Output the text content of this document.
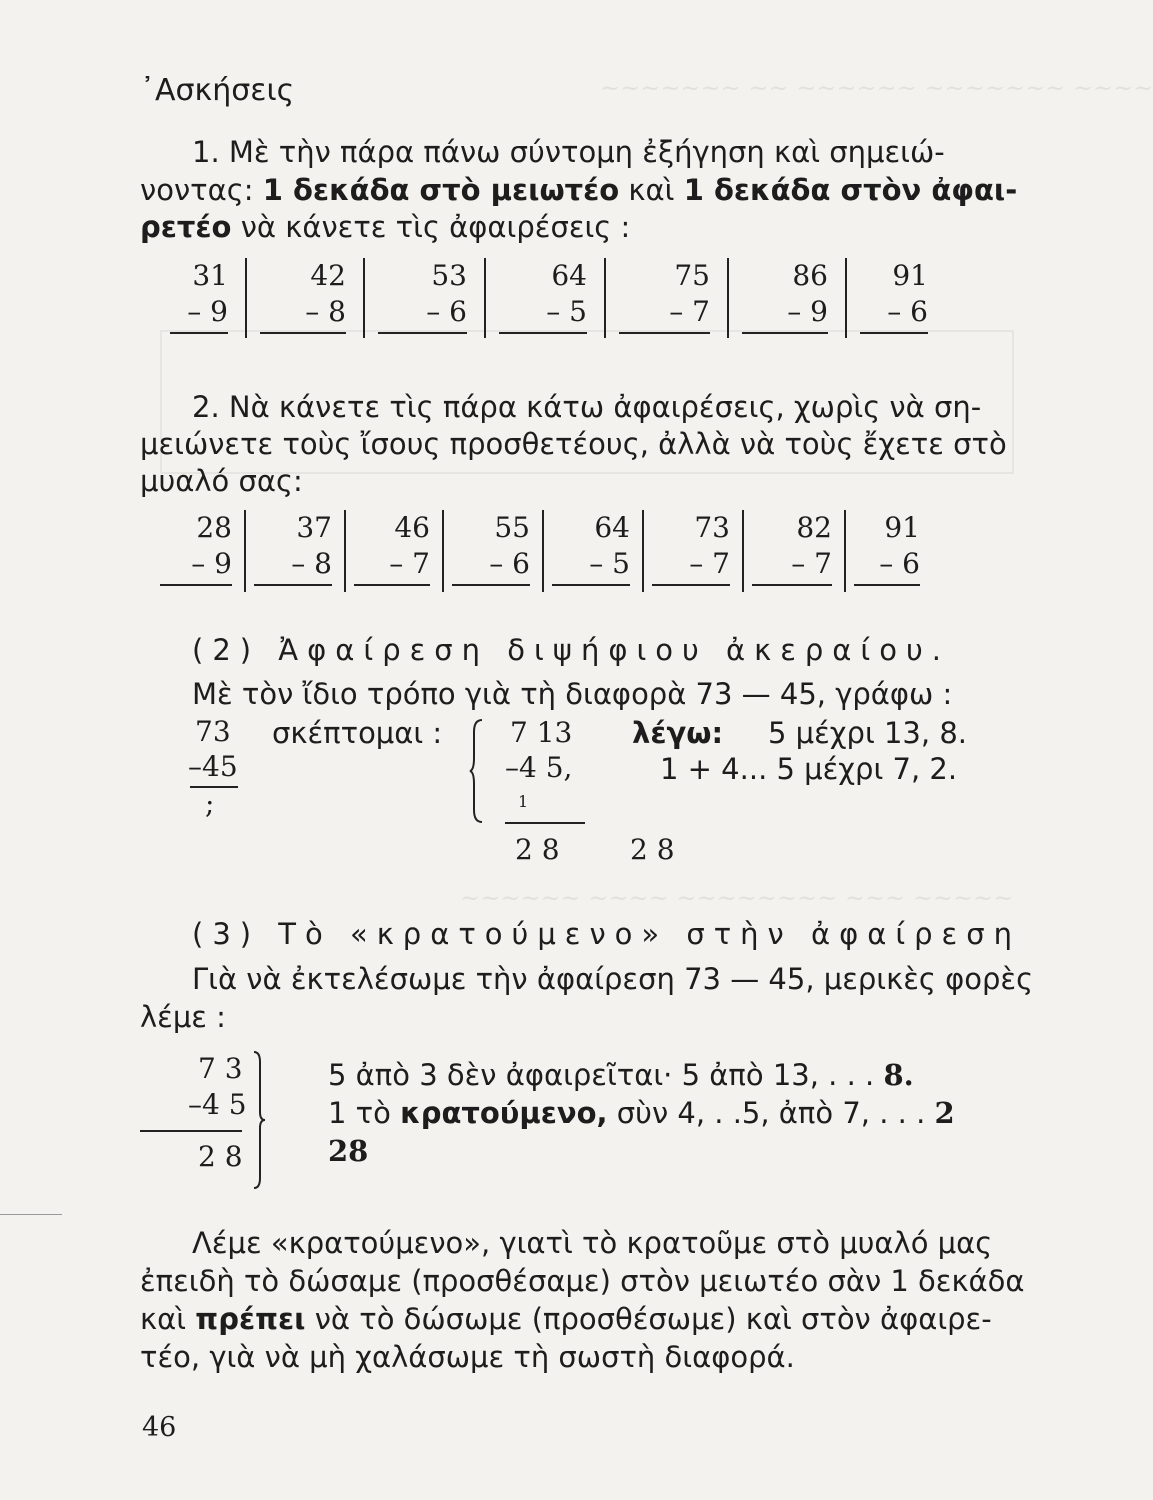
~~~~~~~ ~~ ~~~~~~ ~~~~~~~ ~~~~
~~~~~~ ~~~~ ~~~~~~~~ ~~~ ~~~~~
᾿Ασκήσεις
1. Μὲ τὴν πάρα πάνω σύντομη ἐξήγηση καὶ σημειώ-
νοντας: 1 δεκάδα στὸ μειωτέο καὶ 1 δεκάδα στὸν ἀφαι-
ρετέο νὰ κάνετε τὶς ἀφαιρέσεις :
31
– 9
42
– 8
53
– 6
64
– 5
75
– 7
86
– 9
91
– 6
2. Νὰ κάνετε τὶς πάρα κάτω ἀφαιρέσεις, χωρὶς νὰ ση-
μειώνετε τοὺς ἴσους προσθετέους, ἀλλὰ νὰ τοὺς ἔχετε στὸ
μυαλό σας:
28
– 9
37
– 8
46
– 7
55
– 6
64
– 5
73
– 7
82
– 7
91
– 6
(2) Ἀφαίρεση διψήφιου ἀκεραίου.
Μὲ τὸν ἴδιο τρόπο γιὰ τὴ διαφορὰ 73 — 45, γράφω :
73
–45
;
σκέπτομαι : 7 13
–4 5,
1
2 8	2 8
λέγω: 5 μέχρι 13, 8.
1 + 4... 5 μέχρι 7, 2.
(3) Τὸ «κρατούμενο» στὴν ἀφαίρεση
Γιὰ νὰ ἐκτελέσωμε τὴν ἀφαίρεση 73 — 45, μερικὲς φορὲς
λέμε :
7 3
–4 5
2 8
5 ἀπὸ 3 δὲν ἀφαιρεῖται· 5 ἀπὸ 13, . . . 8.
1 τὸ κρατούμενο, σὺν 4, . .5, ἀπὸ 7, . . . 2
28
Λέμε «κρατούμενο», γιατὶ τὸ κρατοῦμε στὸ μυαλό μας
ἐπειδὴ τὸ δώσαμε (προσθέσαμε) στὸν μειωτέο σὰν 1 δεκάδα
καὶ πρέπει νὰ τὸ δώσωμε (προσθέσωμε) καὶ στὸν ἀφαιρε-
τέο, γιὰ νὰ μὴ χαλάσωμε τὴ σωστὴ διαφορά.
46
